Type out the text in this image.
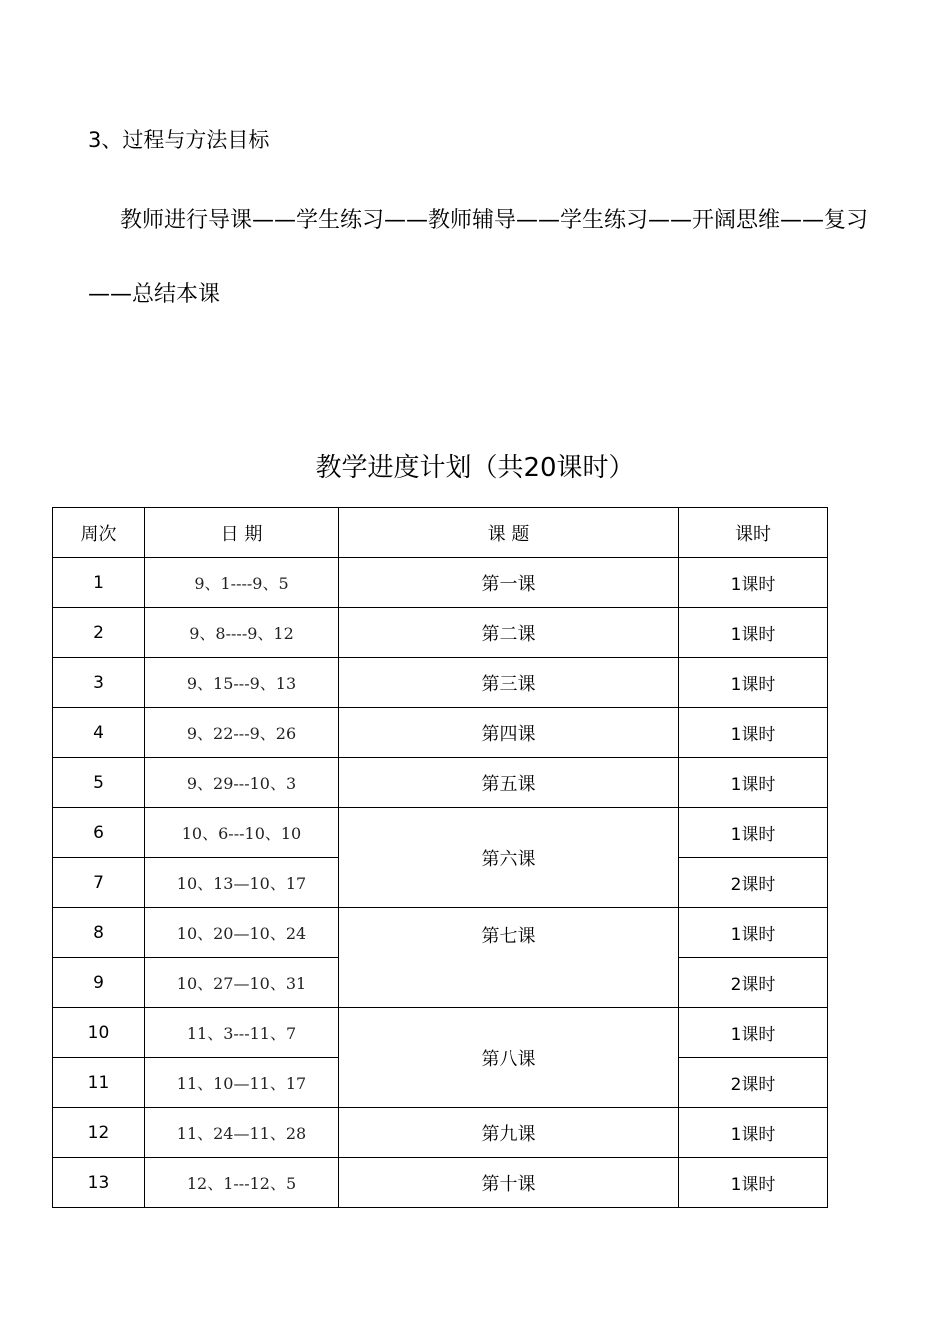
3、过程与方法目标
教师进行导课——学生练习——教师辅导——学生练习——开阔思维——复习——总结本课
教学进度计划（共20课时）
周次	日 期	课 题	课时
1	9、1----9、5	第一课	1课时
2	9、8----9、12	第二课	1课时
3	9、15---9、13	第三课	1课时
4	9、22---9、26	第四课	1课时
5	9、29---10、3	第五课	1课时
6	10、6---10、10	第六课	1课时
7	10、13—10、17		2课时
8	10、20—10、24	第七课	1课时
9	10、27—10、31		2课时
10	11、3---11、7	第八课	1课时
11	11、10—11、17		2课时
12	11、24—11、28	第九课	1课时
13	12、1---12、5	第十课	1课时
